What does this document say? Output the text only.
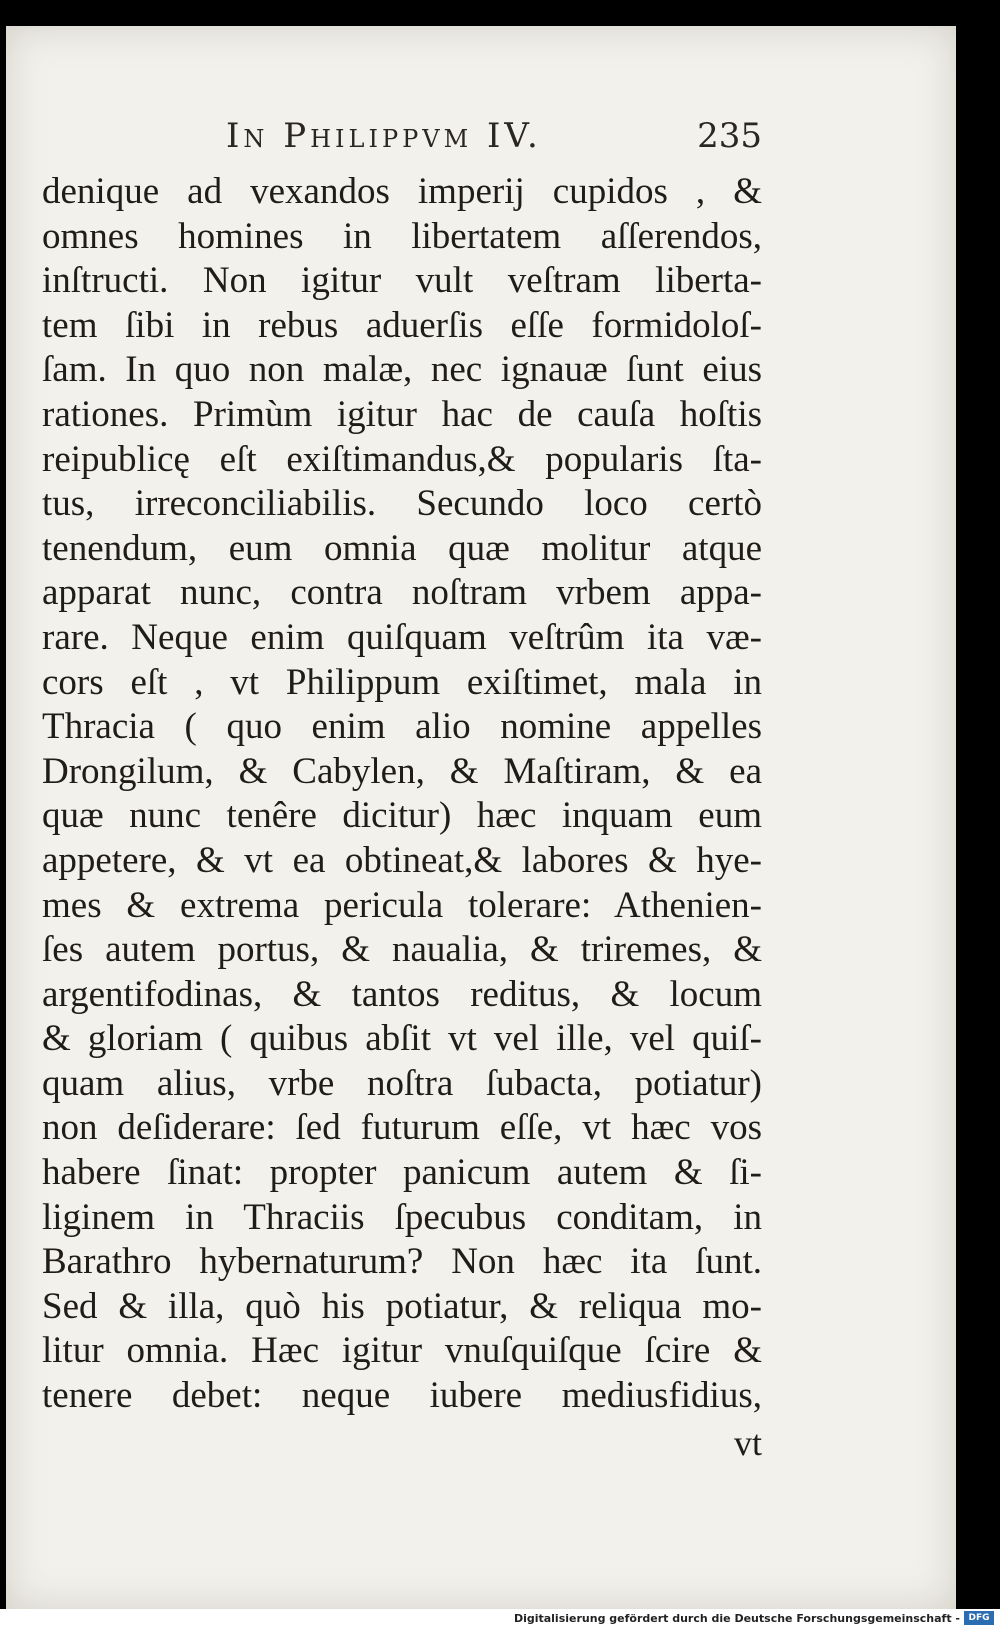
In Philippvm IV.	235
denique ad vexandos imperij cupidos , &
omnes homines in libertatem aſſerendos,
inſtructi. Non igitur vult veſtram liberta-
tem ſibi in rebus aduerſis eſſe formidoloſ-
ſam. In quo non malæ, nec ignauæ ſunt eius
rationes. Primùm igitur hac de cauſa hoſtis
reipublicę eſt exiſtimandus,& popularis ſta-
tus, irreconciliabilis. Secundo loco certò
tenendum, eum omnia quæ molitur atque
apparat nunc, contra noſtram vrbem appa-
rare. Neque enim quiſquam veſtrûm ita væ-
cors eſt , vt Philippum exiſtimet, mala in
Thracia ( quo enim alio nomine appelles
Drongilum, & Cabylen, & Maſtiram, & ea
quæ nunc tenêre dicitur) hæc inquam eum
appetere, & vt ea obtineat,& labores & hye-
mes & extrema pericula tolerare: Athenien-
ſes autem portus, & naualia, & triremes, &
argentifodinas, & tantos reditus, & locum
& gloriam ( quibus abſit vt vel ille, vel quiſ-
quam alius, vrbe noſtra ſubacta, potiatur)
non deſiderare: ſed futurum eſſe, vt hæc vos
habere ſinat: propter panicum autem & ſi-
liginem in Thraciis ſpecubus conditam, in
Barathro hybernaturum? Non hæc ita ſunt.
Sed & illa, quò his potiatur, & reliqua mo-
litur omnia. Hæc igitur vnuſquiſque ſcire &
tenere debet: neque iubere mediusfidius,
vt
Digitalisierung gefördert durch die Deutsche Forschungsgemeinschaft - DFG
